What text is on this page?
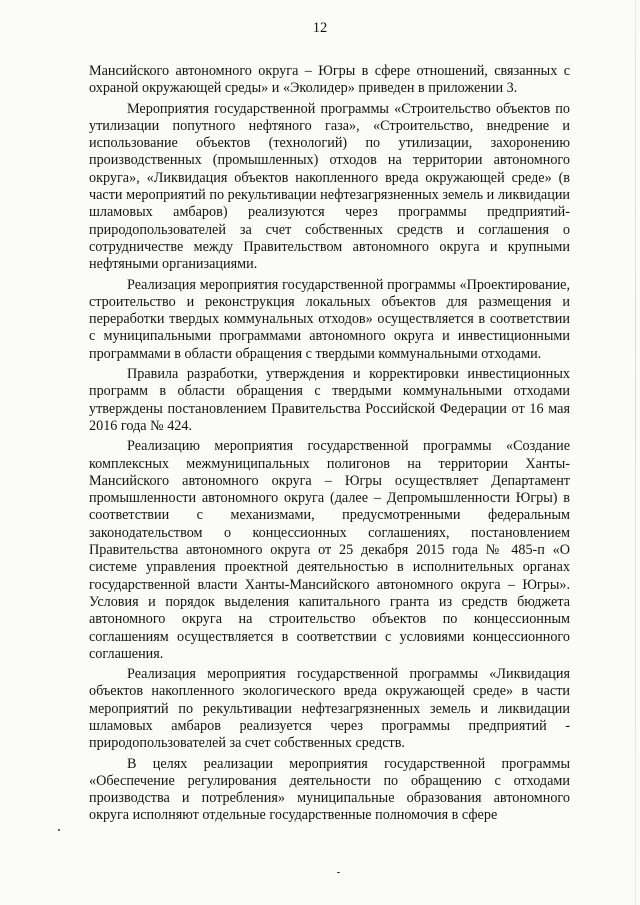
12

Мансийского автономного округа – Югры в сфере отношений, связанных с охраной окружающей среды» и «Эколидер» приведен в приложении 3.

Мероприятия государственной программы «Строительство объектов по утилизации попутного нефтяного газа», «Строительство, внедрение и использование объектов (технологий) по утилизации, захоронению производственных (промышленных) отходов на территории автономного округа», «Ликвидация объектов накопленного вреда окружающей среде» (в части мероприятий по рекультивации нефтезагрязненных земель и ликвидации шламовых амбаров) реализуются через программы предприятий-природопользователей за счет собственных средств и соглашения о сотрудничестве между Правительством автономного округа и крупными нефтяными организациями.

Реализация мероприятия государственной программы «Проектирование, строительство и реконструкция локальных объектов для размещения и переработки твердых коммунальных отходов» осуществляется в соответствии с муниципальными программами автономного округа и инвестиционными программами в области обращения с твердыми коммунальными отходами.

Правила разработки, утверждения и корректировки инвестиционных программ в области обращения с твердыми коммунальными отходами утверждены постановлением Правительства Российской Федерации от 16 мая 2016 года № 424.

Реализацию мероприятия государственной программы «Создание комплексных межмуниципальных полигонов на территории Ханты-Мансийского автономного округа – Югры осуществляет Департамент промышленности автономного округа (далее – Депромышленности Югры) в соответствии с механизмами, предусмотренными федеральным законодательством о концессионных соглашениях, постановлением Правительства автономного округа от 25 декабря 2015 года № 485-п «О системе управления проектной деятельностью в исполнительных органах государственной власти Ханты-Мансийского автономного округа – Югры». Условия и порядок выделения капитального гранта из средств бюджета автономного округа на строительство объектов по концессионным соглашениям осуществляется в соответствии с условиями концессионного соглашения.

Реализация мероприятия государственной программы «Ликвидация объектов накопленного экологического вреда окружающей среде» в части мероприятий по рекультивации нефтезагрязненных земель и ликвидации шламовых амбаров реализуется через программы предприятий - природопользователей за счет собственных средств.

В целях реализации мероприятия государственной программы «Обеспечение регулирования деятельности по обращению с отходами производства и потребления» муниципальные образования автономного округа исполняют отдельные государственные полномочия в сфере
